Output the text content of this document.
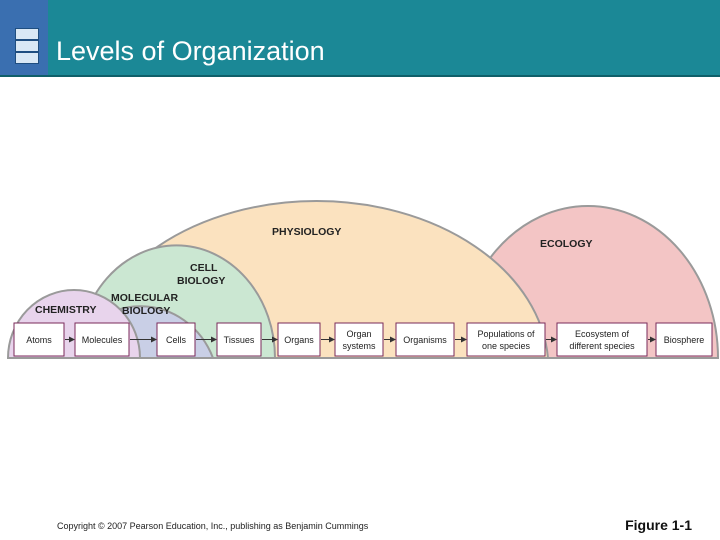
Levels of Organization
PHYSIOLOGY
ECOLOGY
CELL
BIOLOGY
MOLECULAR
BIOLOGY
CHEMISTRY
Atoms	Molecules	Cells	Tissues	Organs
Organ
systems
Organisms
Populations of
one species
Ecosystem of
different species
Biosphere
Copyright © 2007 Pearson Education, Inc., publishing as Benjamin Cummings	Figure 1-1
